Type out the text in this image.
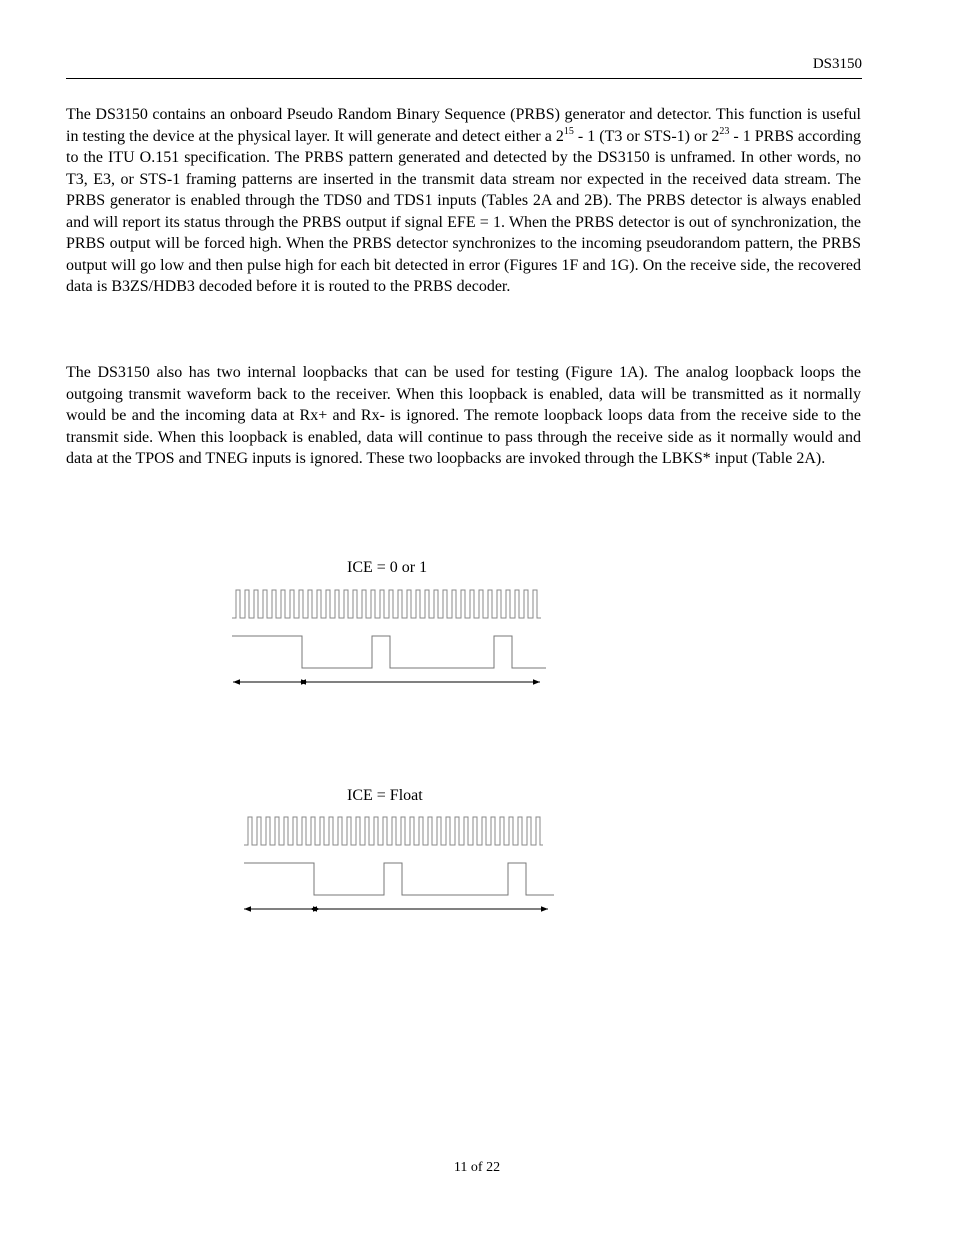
DS3150

The DS3150 contains an onboard Pseudo Random Binary Sequence (PRBS) generator and detector. This function is useful in testing the device at the physical layer. It will generate and detect either a $2^{15} - 1$ (T3 or STS-1) or $2^{23} - 1$ PRBS according to the ITU O.151 specification. The PRBS pattern generated and detected by the DS3150 is unframed. In other words, no T3, E3, or STS-1 framing patterns are inserted in the transmit data stream nor expected in the received data stream. The PRBS generator is enabled through the TDS0 and TDS1 inputs (Tables 2A and 2B). The PRBS detector is always enabled and will report its status through the PRBS output if signal EFE = 1. When the PRBS detector is out of synchronization, the PRBS output will be forced high. When the PRBS detector synchronizes to the incoming pseudorandom pattern, the PRBS output will go low and then pulse high for each bit detected in error (Figures 1F and 1G). On the receive side, the recovered data is B3ZS/HDB3 decoded before it is routed to the PRBS decoder.

The DS3150 also has two internal loopbacks that can be used for testing (Figure 1A). The analog loopback loops the outgoing transmit waveform back to the receiver. When this loopback is enabled, data will be transmitted as it normally would be and the incoming data at Rx+ and Rx- is ignored. The remote loopback loops data from the receive side to the transmit side. When this loopback is enabled, data will continue to pass through the receive side as it normally would and data at the TPOS and TNEG inputs is ignored. These two loopbacks are invoked through the LBKS* input (Table 2A).

ICE = 0 or 1
ICE = Float
11 of 22
